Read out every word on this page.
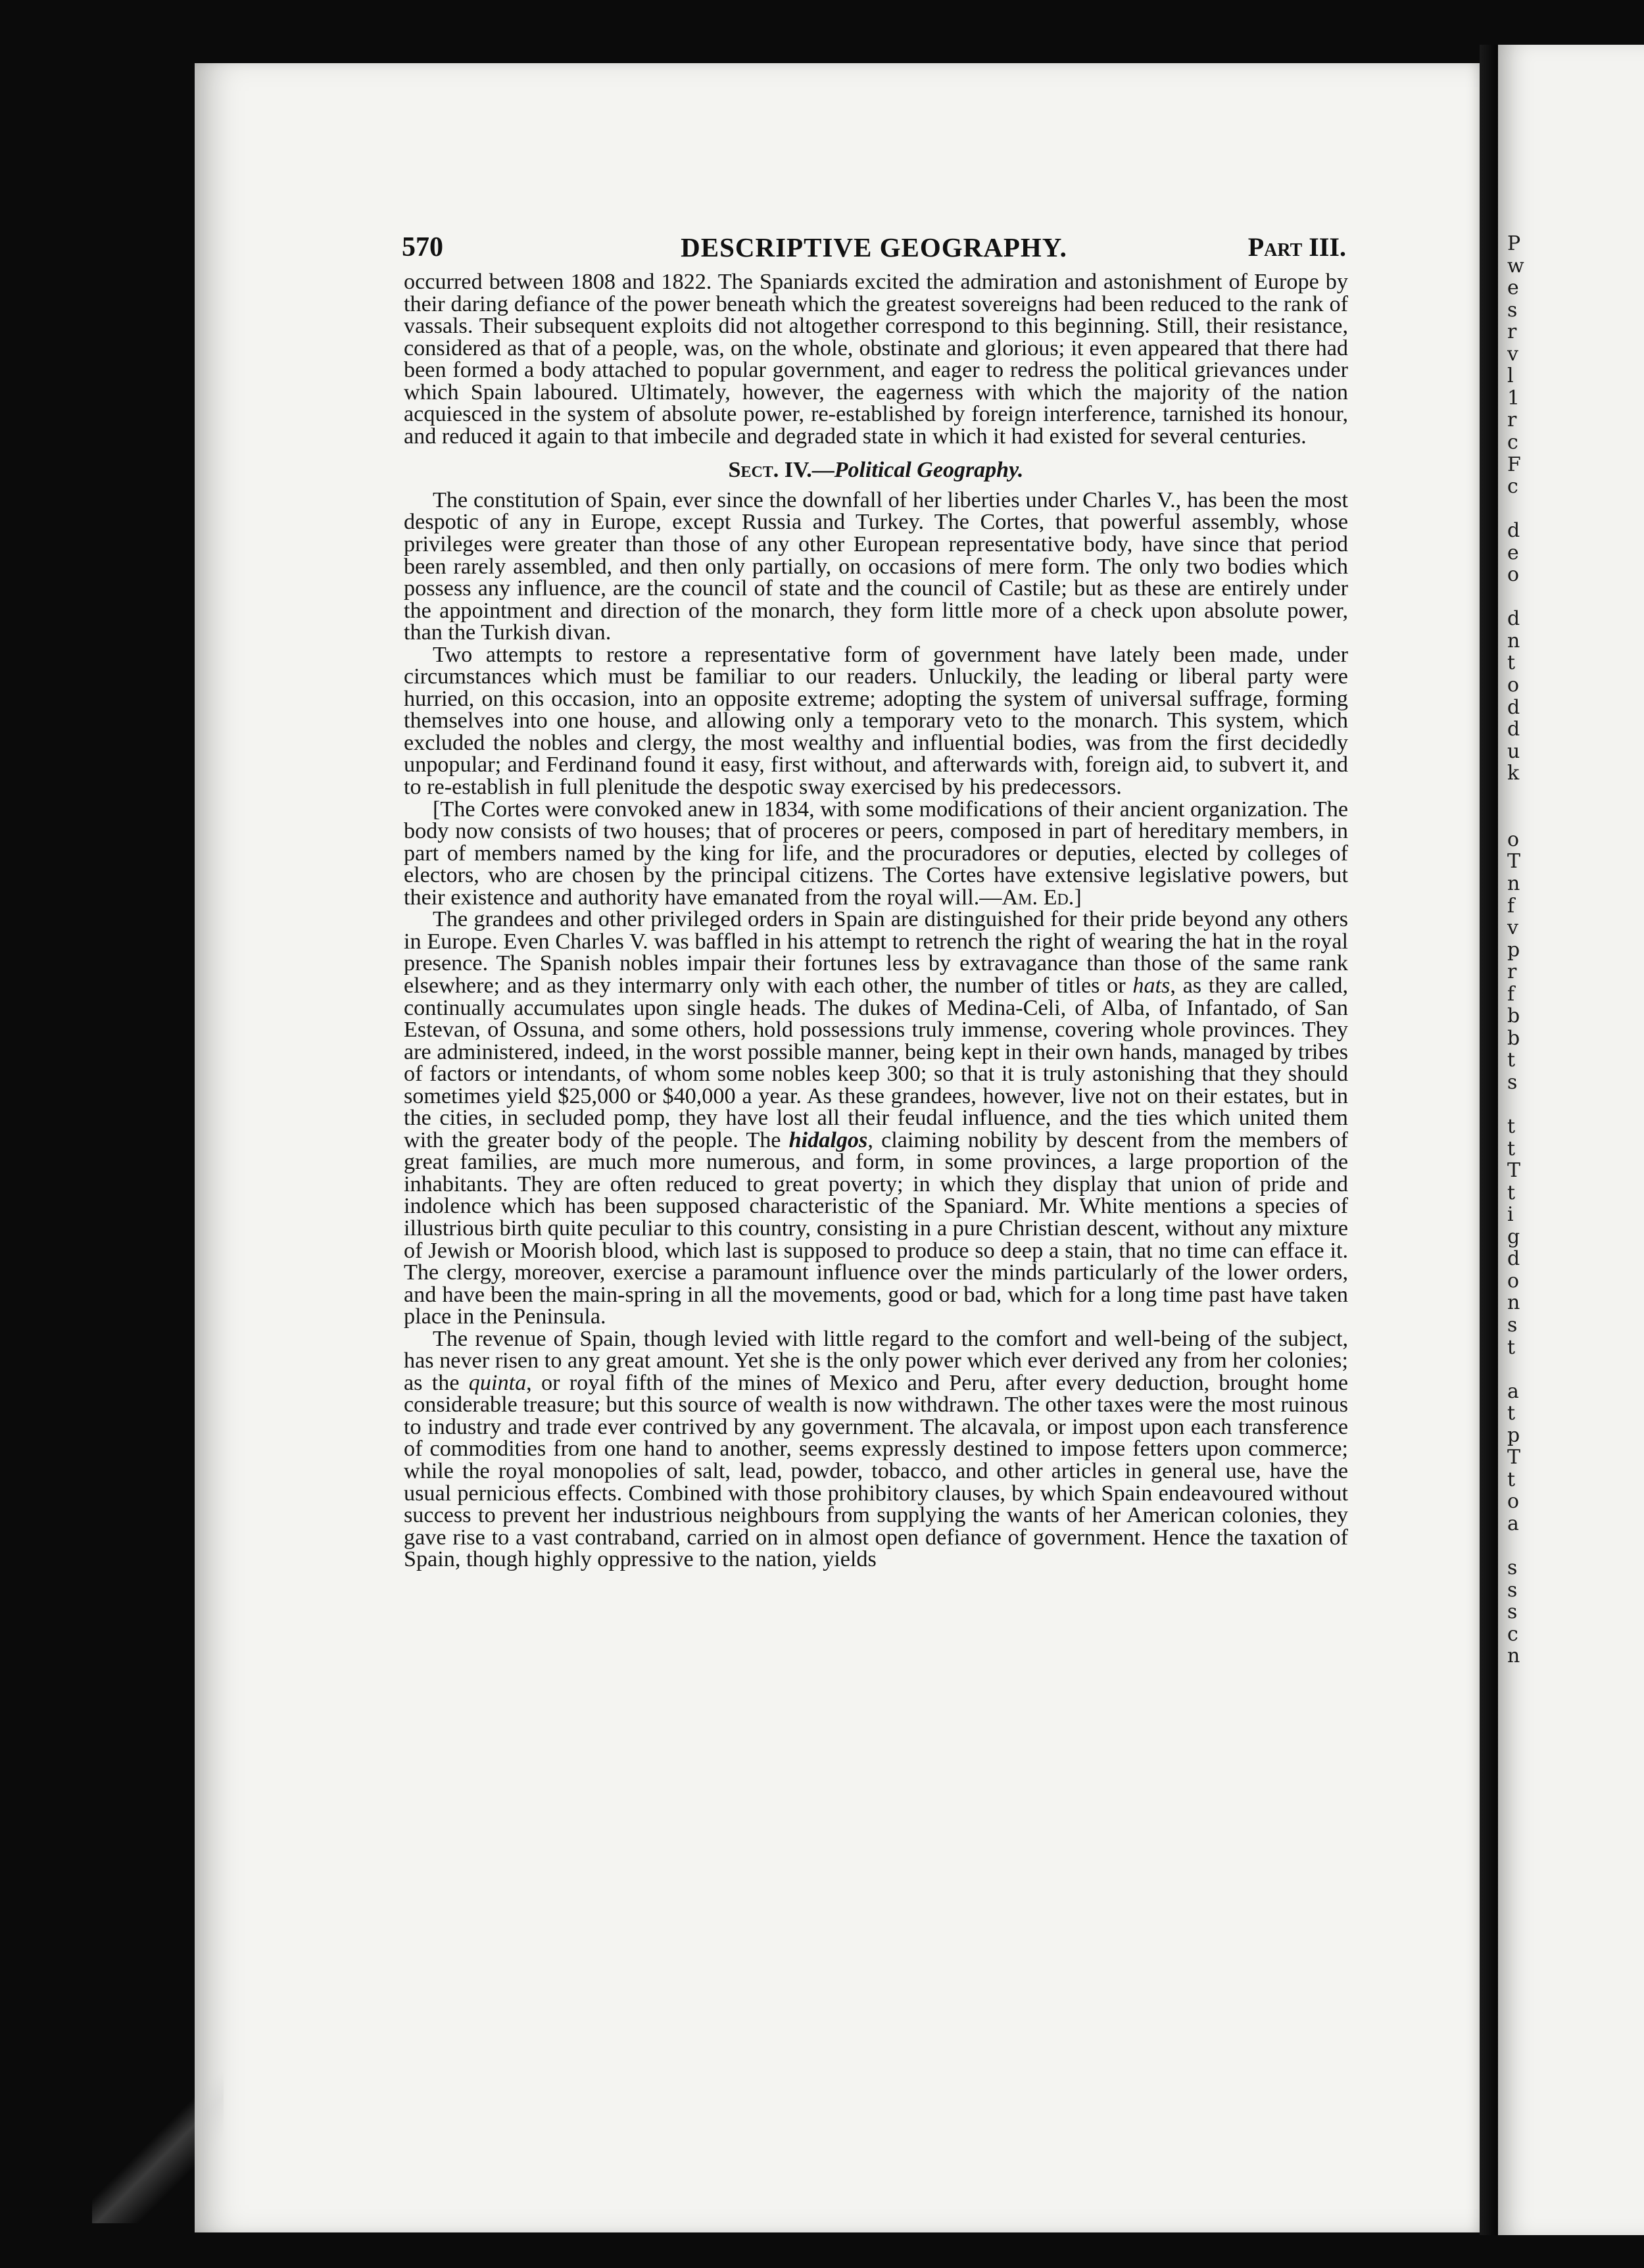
P
w
e
s
r
v
l
1
r
c
F
c
d
e
o
d
n
t
o
d
d
u
k
o
T
n
f
v
p
r
f
b
b
t
s
t
t
T
t
i
g
d
o
n
s
t
a
t
p
T
t
o
a
s
s
s
c
n
570	DESCRIPTIVE GEOGRAPHY.	Part III.

occurred between 1808 and 1822. The Spaniards excited the admiration and astonishment of Europe by their daring defiance of the power beneath which the greatest sovereigns had been reduced to the rank of vassals. Their subsequent exploits did not altogether correspond to this beginning. Still, their resistance, considered as that of a people, was, on the whole, obstinate and glorious; it even appeared that there had been formed a body attached to popular government, and eager to redress the political grievances under which Spain laboured. Ultimately, however, the eagerness with which the majority of the nation acquiesced in the system of absolute power, re-established by foreign interference, tarnished its honour, and reduced it again to that imbecile and degraded state in which it had existed for several centuries.

Sect. IV.—Political Geography.

The constitution of Spain, ever since the downfall of her liberties under Charles V., has been the most despotic of any in Europe, except Russia and Turkey. The Cortes, that powerful assembly, whose privileges were greater than those of any other European representative body, have since that period been rarely assembled, and then only partially, on occasions of mere form. The only two bodies which possess any influence, are the council of state and the council of Castile; but as these are entirely under the appointment and direction of the monarch, they form little more of a check upon absolute power, than the Turkish divan.

Two attempts to restore a representative form of government have lately been made, under circumstances which must be familiar to our readers. Unluckily, the leading or liberal party were hurried, on this occasion, into an opposite extreme; adopting the system of universal suffrage, forming themselves into one house, and allowing only a temporary veto to the monarch. This system, which excluded the nobles and clergy, the most wealthy and influential bodies, was from the first decidedly unpopular; and Ferdinand found it easy, first without, and afterwards with, foreign aid, to subvert it, and to re-establish in full plenitude the despotic sway exercised by his predecessors.

[The Cortes were convoked anew in 1834, with some modifications of their ancient organization. The body now consists of two houses; that of proceres or peers, composed in part of hereditary members, in part of members named by the king for life, and the procuradores or deputies, elected by colleges of electors, who are chosen by the principal citizens. The Cortes have extensive legislative powers, but their existence and authority have emanated from the royal will.—Am. Ed.]

The grandees and other privileged orders in Spain are distinguished for their pride beyond any others in Europe. Even Charles V. was baffled in his attempt to retrench the right of wearing the hat in the royal presence. The Spanish nobles impair their fortunes less by extravagance than those of the same rank elsewhere; and as they intermarry only with each other, the number of titles or hats, as they are called, continually accumulates upon single heads. The dukes of Medina-Celi, of Alba, of Infantado, of San Estevan, of Ossuna, and some others, hold possessions truly immense, covering whole provinces. They are administered, indeed, in the worst possible manner, being kept in their own hands, managed by tribes of factors or intendants, of whom some nobles keep 300; so that it is truly astonishing that they should sometimes yield $25,000 or $40,000 a year. As these grandees, however, live not on their estates, but in the cities, in secluded pomp, they have lost all their feudal influence, and the ties which united them with the greater body of the people. The hidalgos, claiming nobility by descent from the members of great families, are much more numerous, and form, in some provinces, a large proportion of the inhabitants. They are often reduced to great poverty; in which they display that union of pride and indolence which has been supposed characteristic of the Spaniard. Mr. White mentions a species of illustrious birth quite peculiar to this country, consisting in a pure Christian descent, without any mixture of Jewish or Moorish blood, which last is supposed to produce so deep a stain, that no time can efface it. The clergy, moreover, exercise a paramount influence over the minds particularly of the lower orders, and have been the main-spring in all the movements, good or bad, which for a long time past have taken place in the Peninsula.

The revenue of Spain, though levied with little regard to the comfort and well-being of the subject, has never risen to any great amount. Yet she is the only power which ever derived any from her colonies; as the quinta, or royal fifth of the mines of Mexico and Peru, after every deduction, brought home considerable treasure; but this source of wealth is now withdrawn. The other taxes were the most ruinous to industry and trade ever contrived by any government. The alcavala, or impost upon each transference of commodities from one hand to another, seems expressly destined to impose fetters upon commerce; while the royal monopolies of salt, lead, powder, tobacco, and other articles in general use, have the usual pernicious effects. Combined with those prohibitory clauses, by which Spain endeavoured without success to prevent her industrious neighbours from supplying the wants of her American colonies, they gave rise to a vast contraband, carried on in almost open defiance of government. Hence the taxation of Spain, though highly oppressive to the nation, yields
